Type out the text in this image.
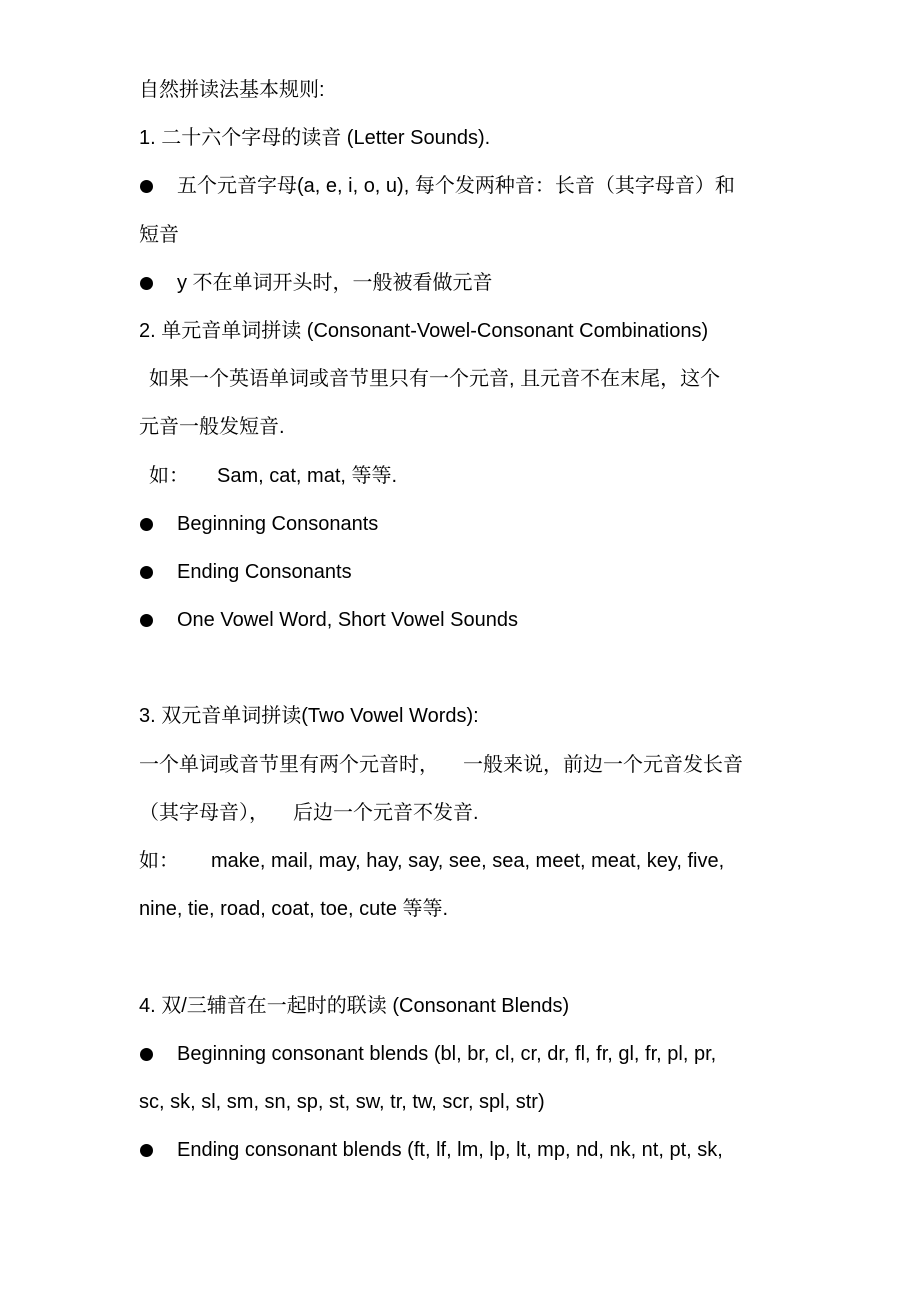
自然拼读法基本规则:
1. 二十六个字母的读音 (Letter Sounds).
五个元音字母(a, e, i, o, u), 每个发两种音：长音（其字母音）和
短音
y 不在单词开头时，一般被看做元音
2. 单元音单词拼读 (Consonant-Vowel-Consonant Combinations)
如果一个英语单词或音节里只有一个元音, 且元音不在末尾，这个
元音一般发短音.
如： Sam, cat, mat, 等等.
Beginning Consonants
Ending Consonants
One Vowel Word, Short Vowel Sounds
3. 双元音单词拼读(Two Vowel Words):
一个单词或音节里有两个元音时， 一般来说，前边一个元音发长音
（其字母音）， 后边一个元音不发音.
如： make, mail, may, hay, say, see, sea, meet, meat, key, five,
nine, tie, road, coat, toe, cute 等等.
4. 双/三辅音在一起时的联读 (Consonant Blends)
Beginning consonant blends (bl, br, cl, cr, dr, fl, fr, gl, fr, pl, pr,
sc, sk, sl, sm, sn, sp, st, sw, tr, tw, scr, spl, str)
Ending consonant blends (ft, lf, lm, lp, lt, mp, nd, nk, nt, pt, sk,
